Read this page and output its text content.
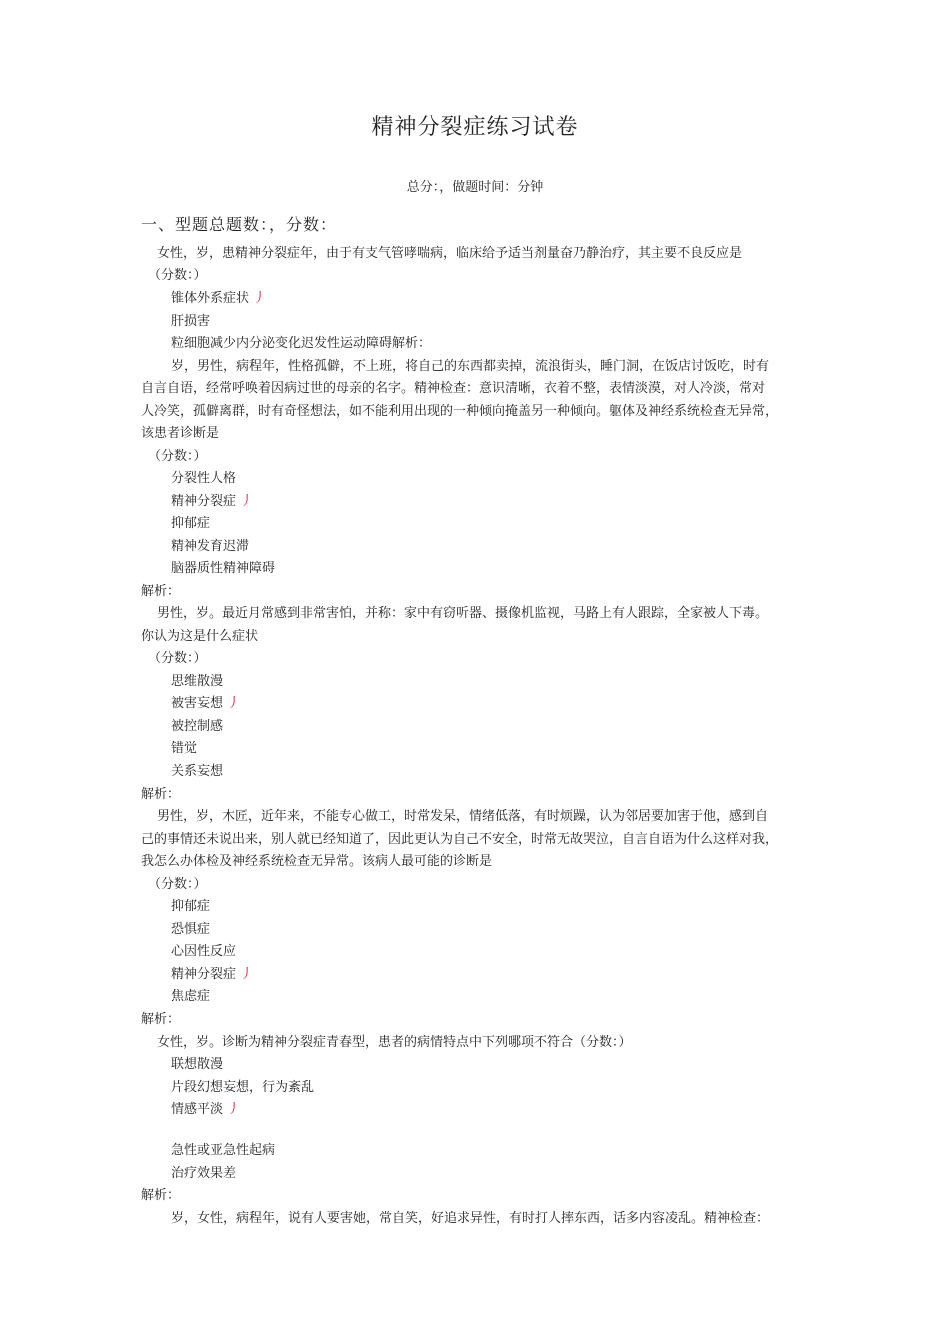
精神分裂症练习试卷
总分：，做题时间：分钟
一、型题总题数：，分数：
女性，岁，患精神分裂症年，由于有支气管哮喘病，临床给予适当剂量奋乃静治疗，其主要不良反应是
（分数：）
锥体外系症状 丿
肝损害
粒细胞减少内分泌变化迟发性运动障碍解析：
岁，男性，病程年，性格孤僻，不上班，将自己的东西都卖掉，流浪街头，睡门洞，在饭店讨饭吃，时有
自言自语，经常呼唤着因病过世的母亲的名字。精神检查：意识清晰，衣着不整，表情淡漠，对人冷淡，常对
人冷笑，孤僻离群，时有奇怪想法，如不能利用出现的一种倾向掩盖另一种倾向。躯体及神经系统检查无异常，
该患者诊断是
（分数：）
分裂性人格
精神分裂症 丿
抑郁症
精神发育迟滞
脑器质性精神障碍
解析：
男性，岁。最近月常感到非常害怕，并称：家中有窃听器、摄像机监视，马路上有人跟踪，全家被人下毒。
你认为这是什么症状
（分数：）
思维散漫
被害妄想 丿
被控制感
错觉
关系妄想
解析：
男性，岁，木匠，近年来，不能专心做工，时常发呆，情绪低落，有时烦躁，认为邻居要加害于他，感到自
己的事情还未说出来，别人就已经知道了，因此更认为自己不安全，时常无故哭泣，自言自语为什么这样对我，
我怎么办体检及神经系统检查无异常。该病人最可能的诊断是
（分数：）
抑郁症
恐惧症
心因性反应
精神分裂症 丿
焦虑症
解析：
女性，岁。诊断为精神分裂症青春型，患者的病情特点中下列哪项不符合（分数：）
联想散漫
片段幻想妄想，行为紊乱
情感平淡 丿
急性或亚急性起病
治疗效果差
解析：
岁，女性，病程年，说有人要害她，常自笑，好追求异性，有时打人摔东西，话多内容凌乱。精神检查：
